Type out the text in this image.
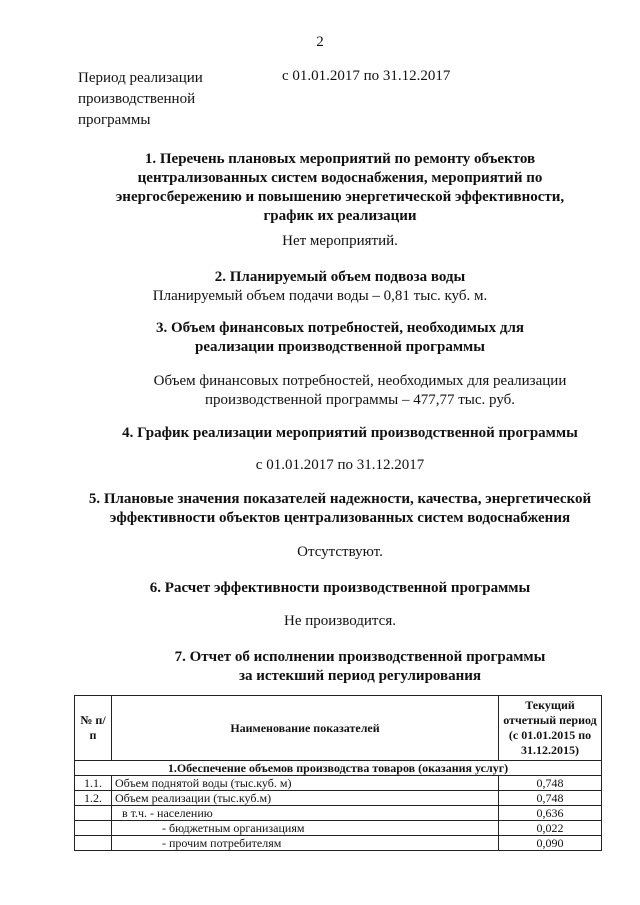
2
Период реализации производственной программы
с 01.01.2017 по 31.12.2017
1. Перечень плановых мероприятий по ремонту объектов централизованных систем водоснабжения, мероприятий по энергосбережению и повышению энергетической эффективности, график их реализации
Нет мероприятий.
2. Планируемый объем подвоза воды
Планируемый объем подачи воды – 0,81 тыс. куб. м.
3. Объем финансовых потребностей, необходимых для реализации производственной программы
Объем финансовых потребностей, необходимых для реализации производственной программы – 477,77 тыс. руб.
4. График реализации мероприятий производственной программы
с 01.01.2017 по 31.12.2017
5. Плановые значения показателей надежности, качества, энергетической эффективности объектов централизованных систем водоснабжения
Отсутствуют.
6. Расчет эффективности производственной программы
Не производится.
7. Отчет об исполнении производственной программы за истекший период регулирования
№ п/п	Наименование показателей	Текущий отчетный период (с 01.01.2015 по 31.12.2015)
1.Обеспечение объемов производства товаров (оказания услуг)		
1.1.	Объем поднятой воды (тыс.куб. м)	0,748
1.2.	Объем реализации (тыс.куб.м)	0,748
	в т.ч. - населению	0,636
	- бюджетным организациям	0,022
	- прочим потребителям	0,090
